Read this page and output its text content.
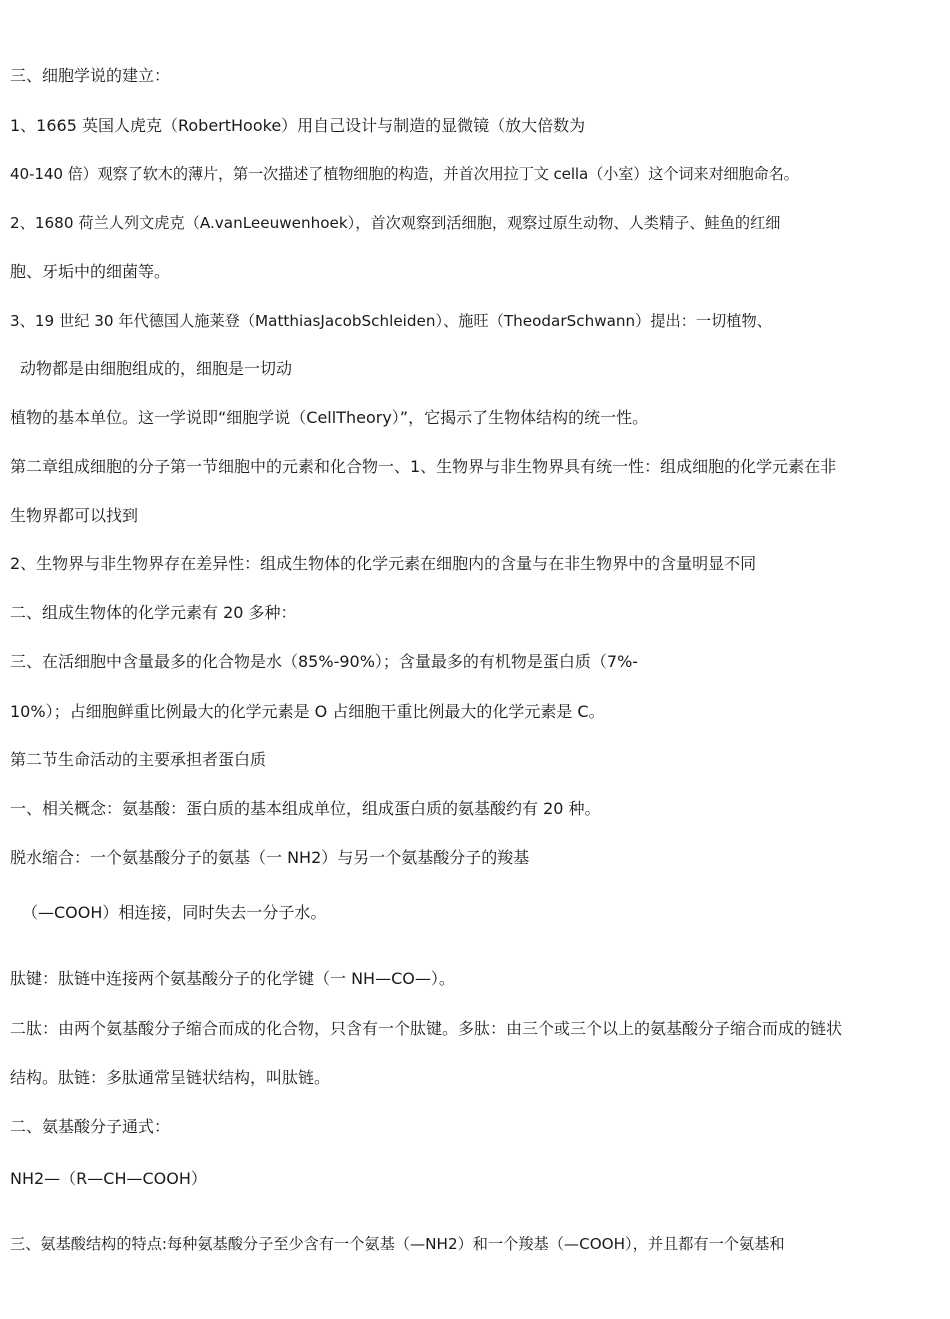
三、细胞学说的建立：
1、1665 英国人虎克（RobertHooke）用自己设计与制造的显微镜（放大倍数为
40-140 倍）观察了软木的薄片，第一次描述了植物细胞的构造，并首次用拉丁文 cella（小室）这个词来对细胞命名。
2、1680 荷兰人列文虎克（A.vanLeeuwenhoek），首次观察到活细胞，观察过原生动物、人类精子、鲑鱼的红细
胞、牙垢中的细菌等。
3、19 世纪 30 年代德国人施莱登（MatthiasJacobSchleiden）、施旺（TheodarSchwann）提出：一切植物、
动物都是由细胞组成的，细胞是一切动
植物的基本单位。这一学说即“细胞学说（CellTheory）”，它揭示了生物体结构的统一性。
第二章组成细胞的分子第一节细胞中的元素和化合物一、1、生物界与非生物界具有统一性：组成细胞的化学元素在非
生物界都可以找到
2、生物界与非生物界存在差异性：组成生物体的化学元素在细胞内的含量与在非生物界中的含量明显不同
二、组成生物体的化学元素有 20 多种：
三、在活细胞中含量最多的化合物是水（85%-90%）；含量最多的有机物是蛋白质（7%-
10%）；占细胞鲜重比例最大的化学元素是 O 占细胞干重比例最大的化学元素是 C。
第二节生命活动的主要承担者蛋白质
一、相关概念：氨基酸：蛋白质的基本组成单位，组成蛋白质的氨基酸约有 20 种。
脱水缩合：一个氨基酸分子的氨基（一 NH2）与另一个氨基酸分子的羧基
（—COOH）相连接，同时失去一分子水。
肽键：肽链中连接两个氨基酸分子的化学键（一 NH—CO—）。
二肽：由两个氨基酸分子缩合而成的化合物，只含有一个肽键。多肽：由三个或三个以上的氨基酸分子缩合而成的链状
结构。肽链：多肽通常呈链状结构，叫肽链。
二、氨基酸分子通式：
NH2—（R—CH—COOH）
三、氨基酸结构的特点:每种氨基酸分子至少含有一个氨基（—NH2）和一个羧基（—COOH），并且都有一个氨基和
